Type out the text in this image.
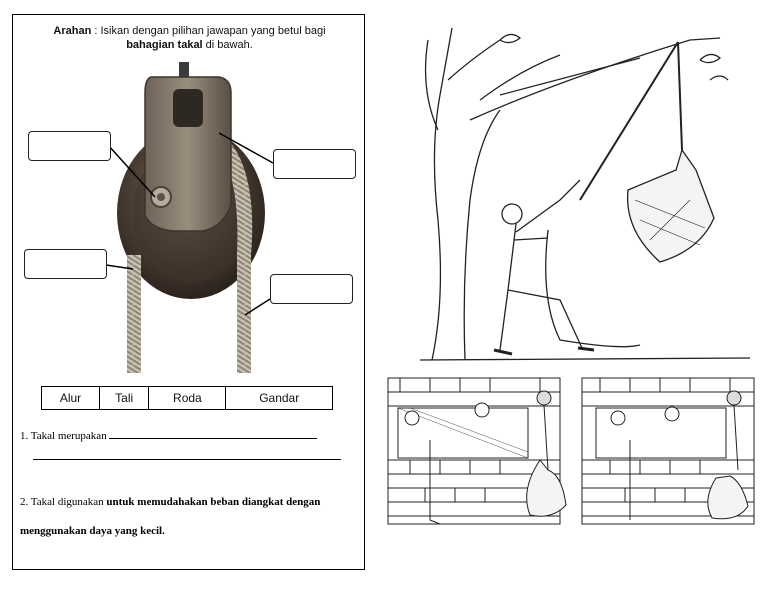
Arahan : Isikan dengan pilihan jawapan yang betul bagi
bahagian takal di bawah.
Alur	Tali	Roda	Gandar
1. Takal merupakan
2. Takal digunakan untuk memudahakan beban diangkat dengan
menggunakan daya yang kecil.
